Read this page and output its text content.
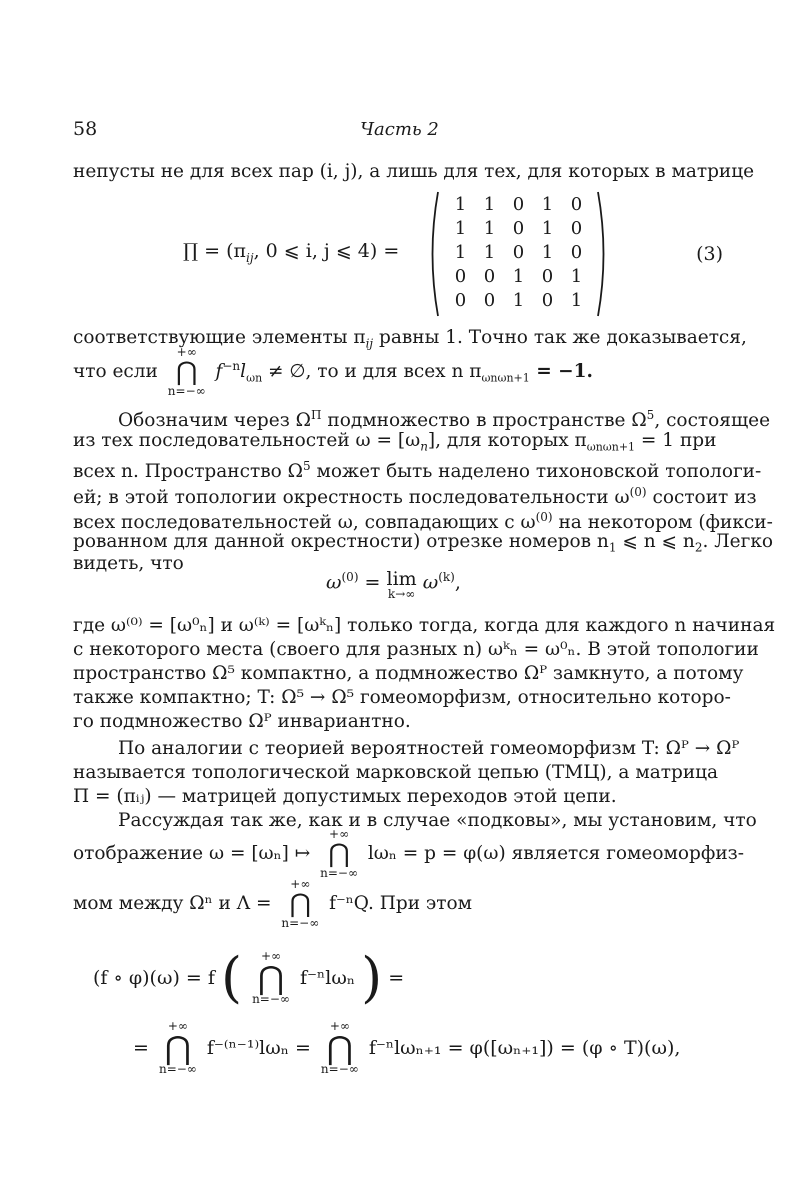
58	Часть 2
непусты не для всех пар (i, j), а лишь для тех, для которых в матрице
∏ = ($\pi_{ij}$, 0 ⩽ i, j ⩽ 4) =
1 1 0 1 0
1 1 0 1 0
1 1 0 1 0
0 0 1 0 1
0 0 1 0 1
(3)
соответствующие элементы $\pi_{ij}$ равны 1. Точно так же доказывается,
что если
+∞
⋂
n=−∞
$f^{-n}l_{\omega n}$ ≠ ∅, то и для всех n $\pi_{\omega n\omega n+1} = -1$.
Обозначим через $\Omega^П$ подмножество в пространстве $\Omega^5$, состоящее
из тех последовательностей $\omega = [\omega_n]$, для которых $\pi_{\omega n\omega n+1} = 1$ при
всех n. Пространство $\Omega^5$ может быть наделено тихоновской топологи-
ей; в этой топологии окрестность последовательности $\omega^{(0)}$ состоит из
всех последовательностей ω, совпадающих с $\omega^{(0)}$ на некотором (фикси-
рованном для данной окрестности) отрезке номеров $n_1$ ⩽ n ⩽ $n_2$. Легко
видеть, что
$\omega^{(0)} = \lim$
k→∞
$\omega^{(k)}$,
где ω⁽⁰⁾ = [ω⁰ₙ] и ω⁽ᵏ⁾ = [ωᵏₙ] только тогда, когда для каждого n начиная
с некоторого места (своего для разных n) ωᵏₙ = ω⁰ₙ. В этой топологии
пространство Ω⁵ компактно, а подмножество Ωᴾ замкнуто, а потому
также компактно; T: Ω⁵ → Ω⁵ гомеоморфизм, относительно которо-
го подмножество Ωᴾ инвариантно.
По аналогии с теорией вероятностей гомеоморфизм T: Ωᴾ → Ωᴾ
называется топологической марковской цепью (ТМЦ), а матрица
П = (πᵢⱼ) — матрицей допустимых переходов этой цепи.
Рассуждая так же, как и в случае «подковы», мы установим, что
отображение ω = [ωₙ] ↦
+∞
⋂
n=−∞
lωₙ = p = φ(ω) является гомеоморфиз-
мом между Ωⁿ и Λ =
+∞
⋂
n=−∞
f⁻ⁿQ. При этом
(f ∘ φ)(ω) = f (	+∞
⋂
n=−∞
f⁻ⁿlωₙ ) =
=
+∞
⋂
n=−∞
f⁻⁽ⁿ⁻¹⁾lωₙ =
+∞
⋂
n=−∞
f⁻ⁿlωₙ₊₁ = φ([ωₙ₊₁]) = (φ ∘ T)(ω),
